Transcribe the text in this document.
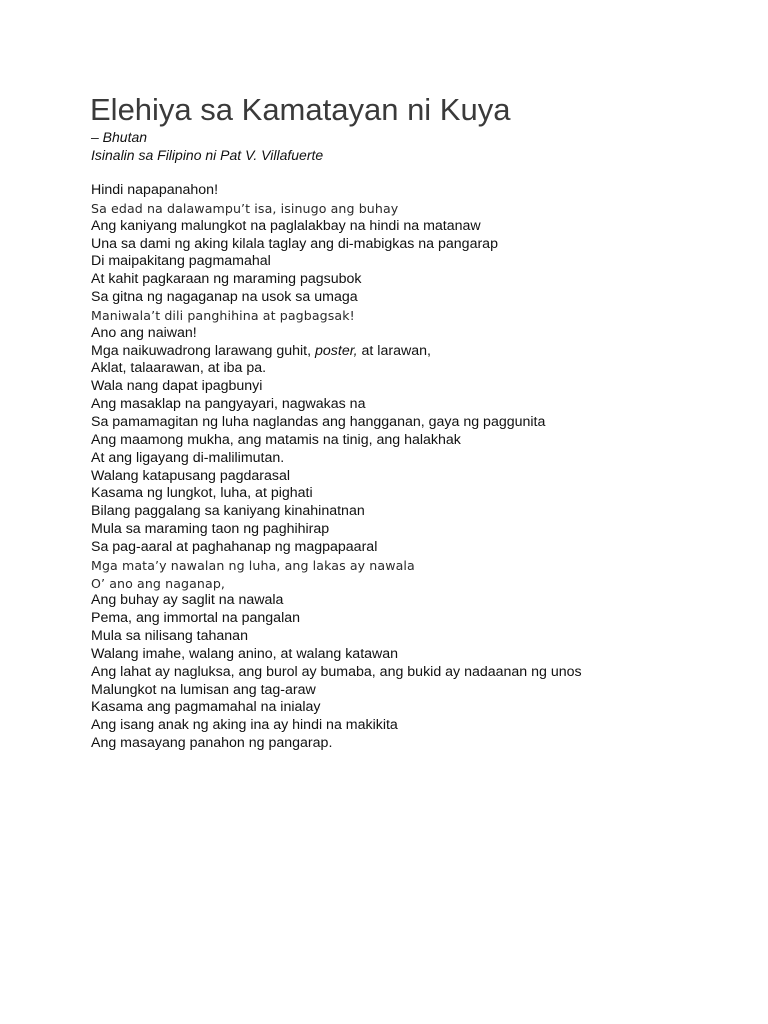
Elehiya sa Kamatayan ni Kuya
– Bhutan
Isinalin sa Filipino ni Pat V. Villafuerte
Hindi napapanahon!
Sa edad na dalawampu’t isa, isinugo ang buhay
Ang kaniyang malungkot na paglalakbay na hindi na matanaw
Una sa dami ng aking kilala taglay ang di-mabigkas na pangarap
Di maipakitang pagmamahal
At kahit pagkaraan ng maraming pagsubok
Sa gitna ng nagaganap na usok sa umaga
Maniwala’t dili panghihina at pagbagsak!
Ano ang naiwan!
Mga naikuwadrong larawang guhit, poster, at larawan,
Aklat, talaarawan, at iba pa.
Wala nang dapat ipagbunyi
Ang masaklap na pangyayari, nagwakas na
Sa pamamagitan ng luha naglandas ang hangganan, gaya ng paggunita
Ang maamong mukha, ang matamis na tinig, ang halakhak
At ang ligayang di-malilimutan.
Walang katapusang pagdarasal
Kasama ng lungkot, luha, at pighati
Bilang paggalang sa kaniyang kinahinatnan
Mula sa maraming taon ng paghihirap
Sa pag-aaral at paghahanap ng magpapaaral
Mga mata’y nawalan ng luha, ang lakas ay nawala
O’ ano ang naganap,
Ang buhay ay saglit na nawala
Pema, ang immortal na pangalan
Mula sa nilisang tahanan
Walang imahe, walang anino, at walang katawan
Ang lahat ay nagluksa, ang burol ay bumaba, ang bukid ay nadaanan ng unos
Malungkot na lumisan ang tag-araw
Kasama ang pagmamahal na inialay
Ang isang anak ng aking ina ay hindi na makikita
Ang masayang panahon ng pangarap.
